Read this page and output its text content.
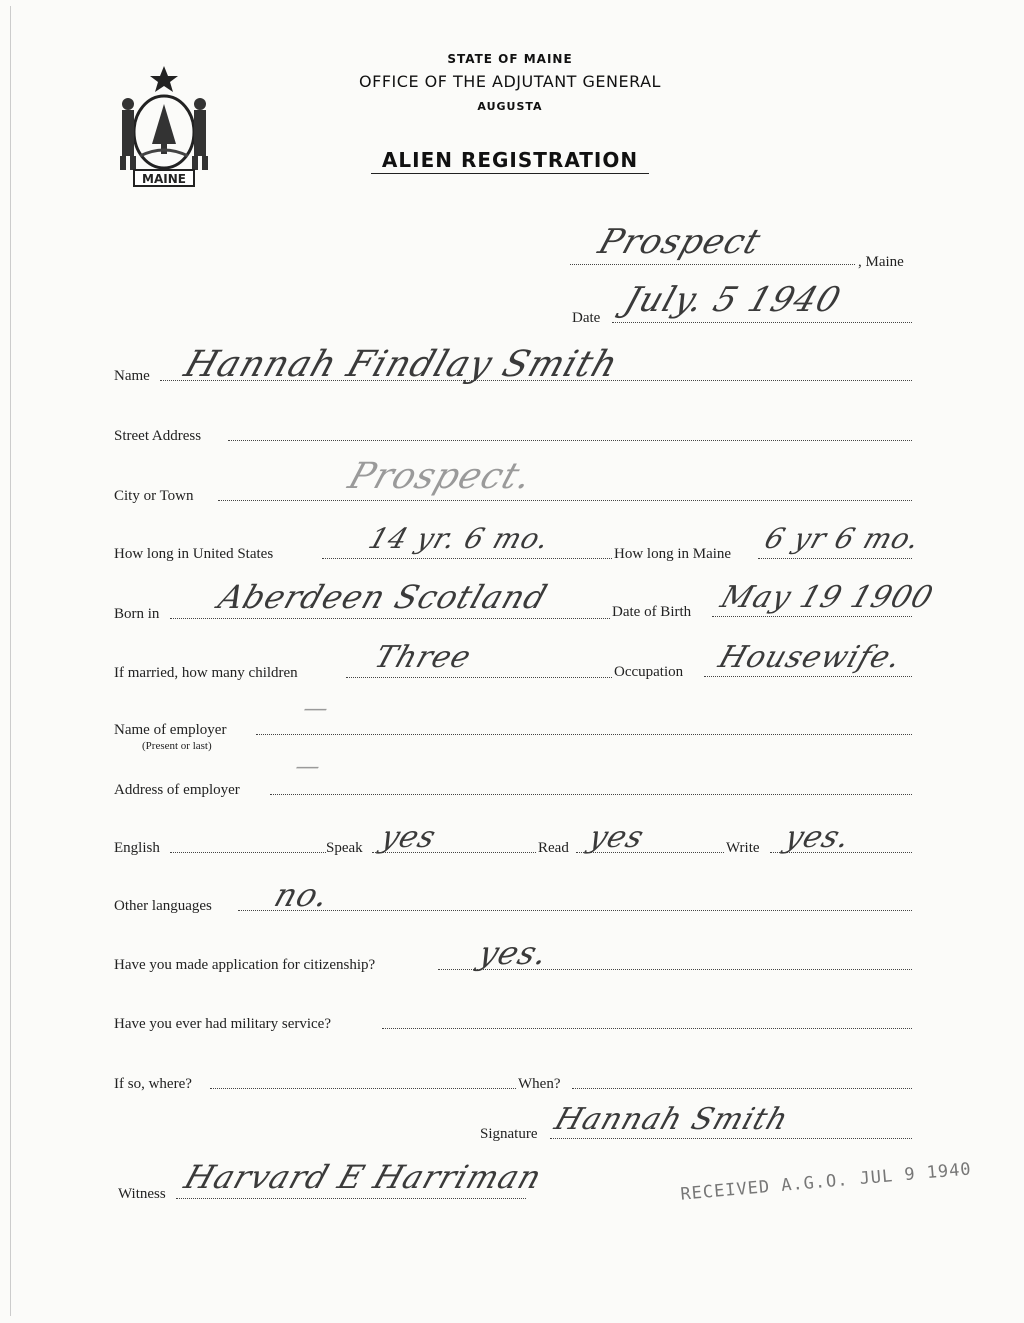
MAINE
STATE OF MAINE
OFFICE OF THE ADJUTANT GENERAL
AUGUSTA
ALIEN REGISTRATION
, Maine
Prospect
Date July. 5 1940
Name Hannah Findlay Smith
Street Address
City or Town	Prospect.
How long in United States	14 yr. 6 mo.	How long in Maine 6 yr 6 mo.
Born in Aberdeen Scotland	Date of Birth May 19 1900
If married, how many children Three	Occupation Housewife.
Name of employer
(Present or last)
—
Address of employer
—
English	Speak yes	Read yes	Write yes.
Other languages no.
Have you made application for citizenship?	yes.
Have you ever had military service?
If so, where?	When?
Signature Hannah Smith
Witness Harvard E Harriman	RECEIVED A.G.O. JUL 9 1940
